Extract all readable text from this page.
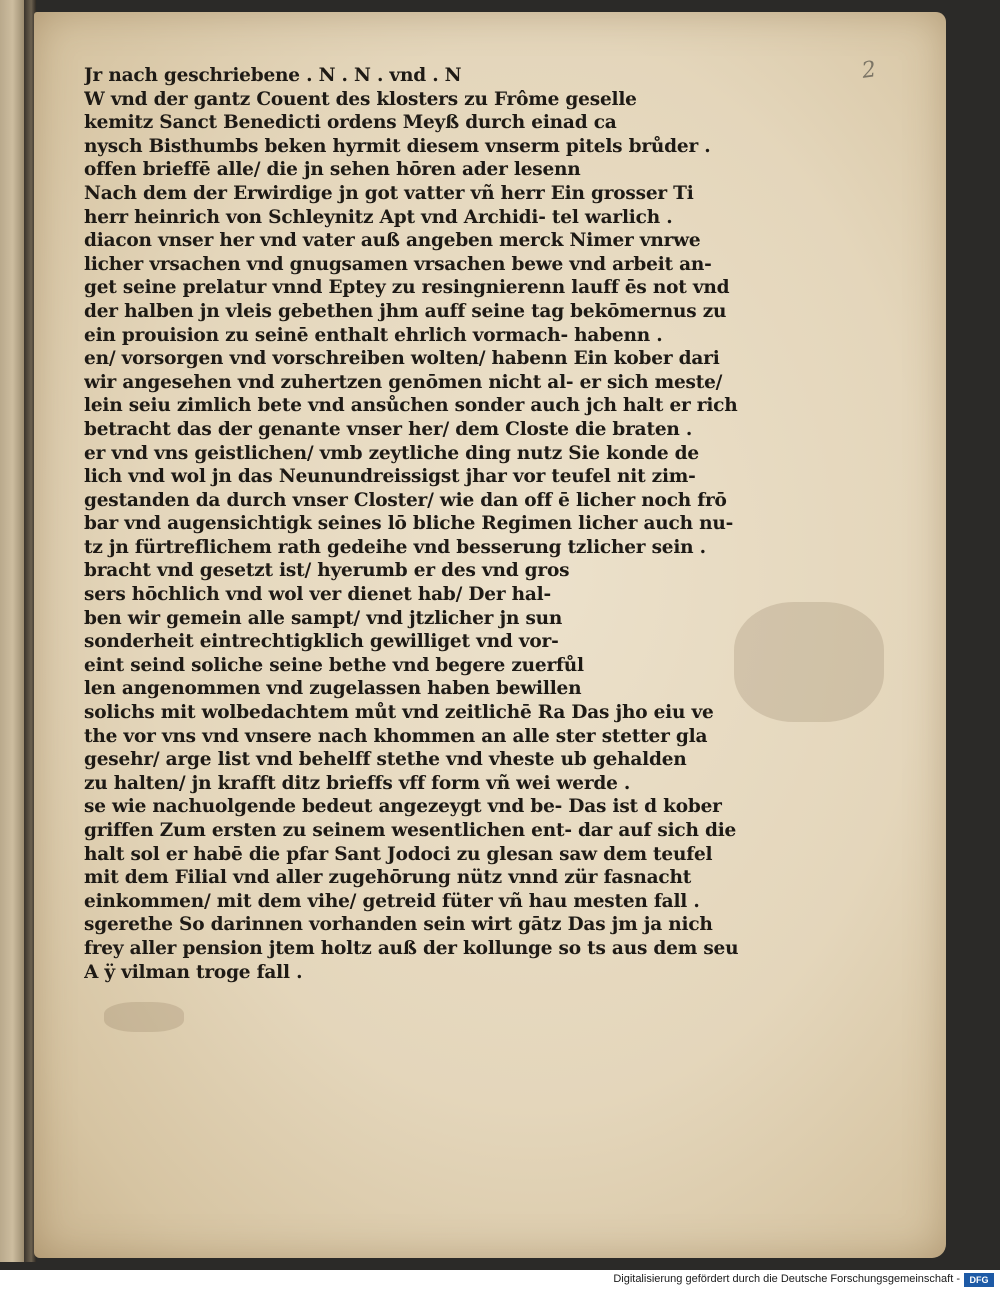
2
Jr nach geschriebene . N . N . vnd . N
W vnd der gantz Couent des klosters zu Frôme geselle
kemitz Sanct Benedicti ordens Meyß durch einad ca
nysch Bisthumbs beken hyrmit diesem vnserm pitels brůder .
offen brieffē alle/ die jn sehen hōren ader lesenn
Nach dem der Erwirdige jn got vatter vñ herr Ein grosser Ti
herr heinrich von Schleynitz Apt vnd Archidi- tel warlich .
diacon vnser her vnd vater auß angeben merck Nimer vnrwe
licher vrsachen vnd gnugsamen vrsachen bewe vnd arbeit an-
get seine prelatur vnnd Eptey zu resingnierenn lauff ēs not vnd
der halben jn vleis gebethen jhm auff seine tag bekōmernus zu
ein prouision zu seinē enthalt ehrlich vormach- habenn .
en/ vorsorgen vnd vorschreiben wolten/ habenn Ein kober dari
wir angesehen vnd zuhertzen genōmen nicht al- er sich meste/
lein seiu zimlich bete vnd ansůchen sonder auch jch halt er rich
betracht das der genante vnser her/ dem Closte die braten .
er vnd vns geistlichen/ vmb zeytliche ding nutz Sie konde de
lich vnd wol jn das Neunundreissigst jhar vor teufel nit zim-
gestanden da durch vnser Closter/ wie dan off ē licher noch frō
bar vnd augensichtigk seines lō bliche Regimen licher auch nu-
tz jn fürtreflichem rath gedeihe vnd besserung tzlicher sein .
bracht vnd gesetzt ist/ hyerumb er des vnd gros
sers hōchlich vnd wol ver dienet hab/ Der hal-
ben wir gemein alle sampt/ vnd jtzlicher jn sun
sonderheit eintrechtigklich gewilliget vnd vor-
eint seind soliche seine bethe vnd begere zuerfůl
len angenommen vnd zugelassen haben bewillen
solichs mit wolbedachtem můt vnd zeitlichē Ra Das jho eiu ve
the vor vns vnd vnsere nach khommen an alle ster stetter gla
gesehr/ arge list vnd behelff stethe vnd vheste ub gehalden
zu halten/ jn krafft ditz brieffs vff form vñ wei werde .
se wie nachuolgende bedeut angezeygt vnd be- Das ist d kober
griffen Zum ersten zu seinem wesentlichen ent- dar auf sich die
halt sol er habē die pfar Sant Jodoci zu glesan saw dem teufel
mit dem Filial vnd aller zugehōrung nütz vnnd zür fasnacht
einkommen/ mit dem vihe/ getreid füter vñ hau mesten fall .
sgerethe So darinnen vorhanden sein wirt gātz Das jm ja nich
frey aller pension jtem holtz auß der kollunge so ts aus dem seu
A ÿ vilman troge fall .
Digitalisierung gefördert durch die Deutsche Forschungsgemeinschaft -	DFG
